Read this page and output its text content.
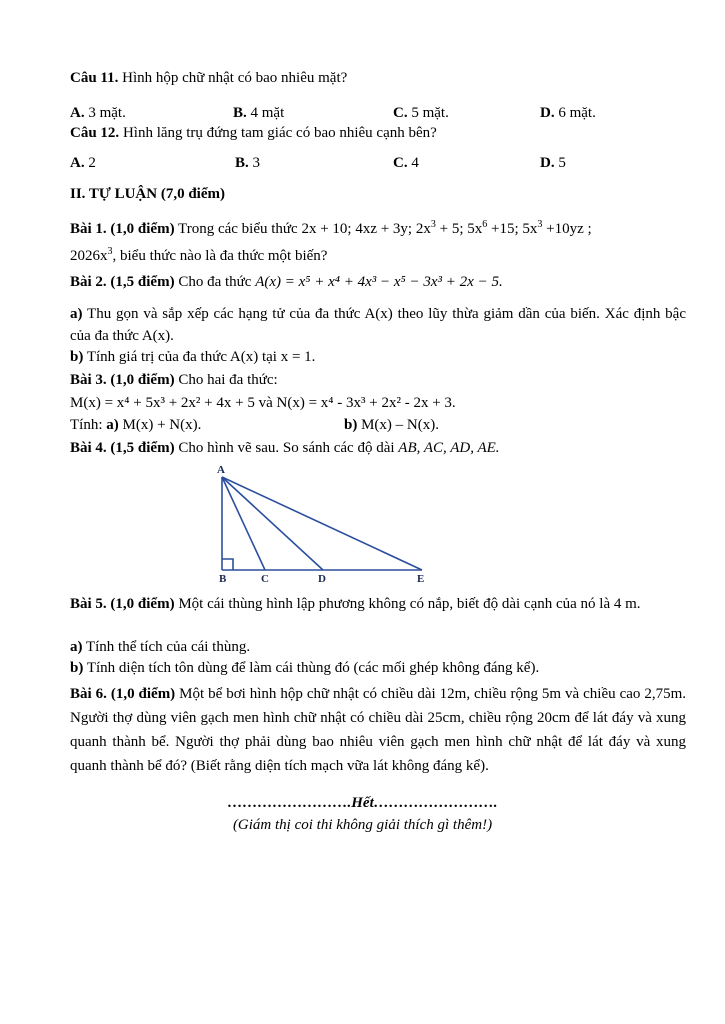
Câu 11. Hình hộp chữ nhật có bao nhiêu mặt?
A. 3 mặt.	B. 4 mặt	C. 5 mặt.	D. 6 mặt.
Câu 12. Hình lăng trụ đứng tam giác có bao nhiêu cạnh bên?
A. 2	B. 3	C. 4	D. 5
II. TỰ LUẬN (7,0 điểm)
Bài 1. (1,0 điểm) Trong các biểu thức 2x + 10; 4xz + 3y; $2x^3 + 5$; $5x^6 +15$; $5x^3 +10yz$ ;
$2026x^3$, biểu thức nào là đa thức một biến?
Bài 2. (1,5 điểm) Cho đa thức A(x) = x⁵ + x⁴ + 4x³ − x⁵ − 3x³ + 2x − 5.
a) Thu gọn và sắp xếp các hạng tử của đa thức A(x) theo lũy thừa giảm dần của biến. Xác định bậc của đa thức A(x).
b) Tính giá trị của đa thức A(x) tại x = 1.
Bài 3. (1,0 điểm) Cho hai đa thức:
M(x) = x⁴ + 5x³ + 2x² + 4x + 5 và N(x) = x⁴ - 3x³ + 2x² - 2x + 3.
Tính: a) M(x) + N(x).	b) M(x) – N(x).
Bài 4. (1,5 điểm) Cho hình vẽ sau. So sánh các độ dài AB, AC, AD, AE.
A
B	C	D	E
Bài 5. (1,0 điểm) Một cái thùng hình lập phương không có nắp, biết độ dài cạnh của nó là 4 m.
a) Tính thể tích của cái thùng.
b) Tính diện tích tôn dùng để làm cái thùng đó (các mối ghép không đáng kể).
Bài 6. (1,0 điểm) Một bể bơi hình hộp chữ nhật có chiều dài 12m, chiều rộng 5m và chiều cao 2,75m. Người thợ dùng viên gạch men hình chữ nhật có chiều dài 25cm, chiều rộng 20cm để lát đáy và xung quanh thành bể. Người thợ phải dùng bao nhiêu viên gạch men hình chữ nhật để lát đáy và xung quanh thành bể đó? (Biết rằng diện tích mạch vữa lát không đáng kể).
…………………….Hết…………………….
(Giám thị coi thi không giải thích gì thêm!)
